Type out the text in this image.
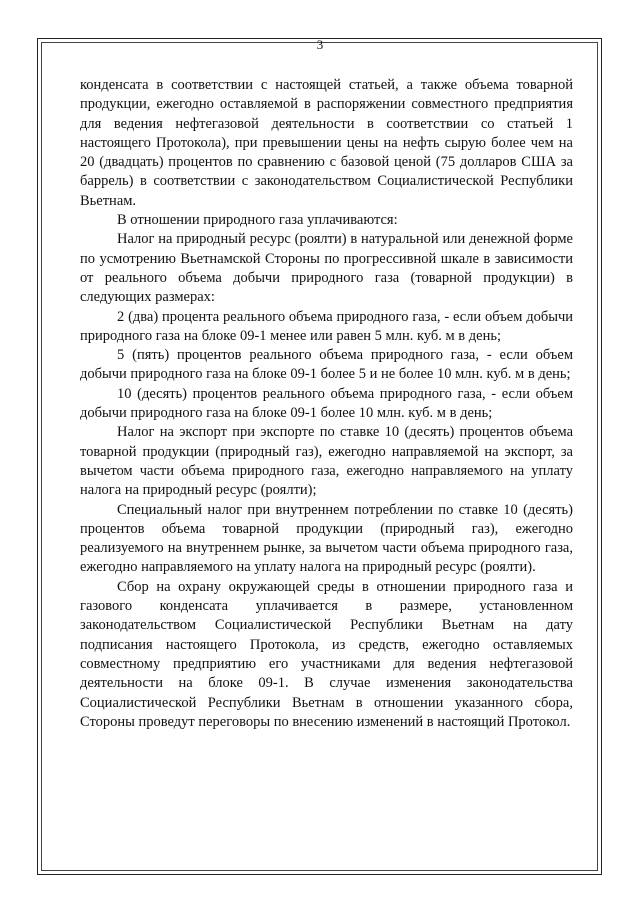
3

конденсата в соответствии с настоящей статьей, а также объема товарной продукции, ежегодно оставляемой в распоряжении совместного предприятия для ведения нефтегазовой деятельности в соответствии со статьей 1 настоящего Протокола), при превышении цены на нефть сырую более чем на 20 (двадцать) процентов по сравнению с базовой ценой (75 долларов США за баррель) в соответствии с законодательством Социалистической Республики Вьетнам.

В отношении природного газа уплачиваются:

Налог на природный ресурс (роялти) в натуральной или денежной форме по усмотрению Вьетнамской Стороны по прогрессивной шкале в зависимости от реального объема добычи природного газа (товарной продукции) в следующих размерах:

2 (два) процента реального объема природного газа, - если объем добычи природного газа на блоке 09-1 менее или равен 5 млн. куб. м в день;

5 (пять) процентов реального объема природного газа, - если объем добычи природного газа на блоке 09-1 более 5 и не более 10 млн. куб. м в день;

10 (десять) процентов реального объема природного газа, - если объем добычи природного газа на блоке 09-1 более 10 млн. куб. м в день;

Налог на экспорт при экспорте по ставке 10 (десять) процентов объема товарной продукции (природный газ), ежегодно направляемой на экспорт, за вычетом части объема природного газа, ежегодно направляемого на уплату налога на природный ресурс (роялти);

Специальный налог при внутреннем потреблении по ставке 10 (десять) процентов объема товарной продукции (природный газ), ежегодно реализуемого на внутреннем рынке, за вычетом части объема природного газа, ежегодно направляемого на уплату налога на природный ресурс (роялти).

Сбор на охрану окружающей среды в отношении природного газа и газового конденсата уплачивается в размере, установленном законодательством Социалистической Республики Вьетнам на дату подписания настоящего Протокола, из средств, ежегодно оставляемых совместному предприятию его участниками для ведения нефтегазовой деятельности на блоке 09-1. В случае изменения законодательства Социалистической Республики Вьетнам в отношении указанного сбора, Стороны проведут переговоры по внесению изменений в настоящий Протокол.
